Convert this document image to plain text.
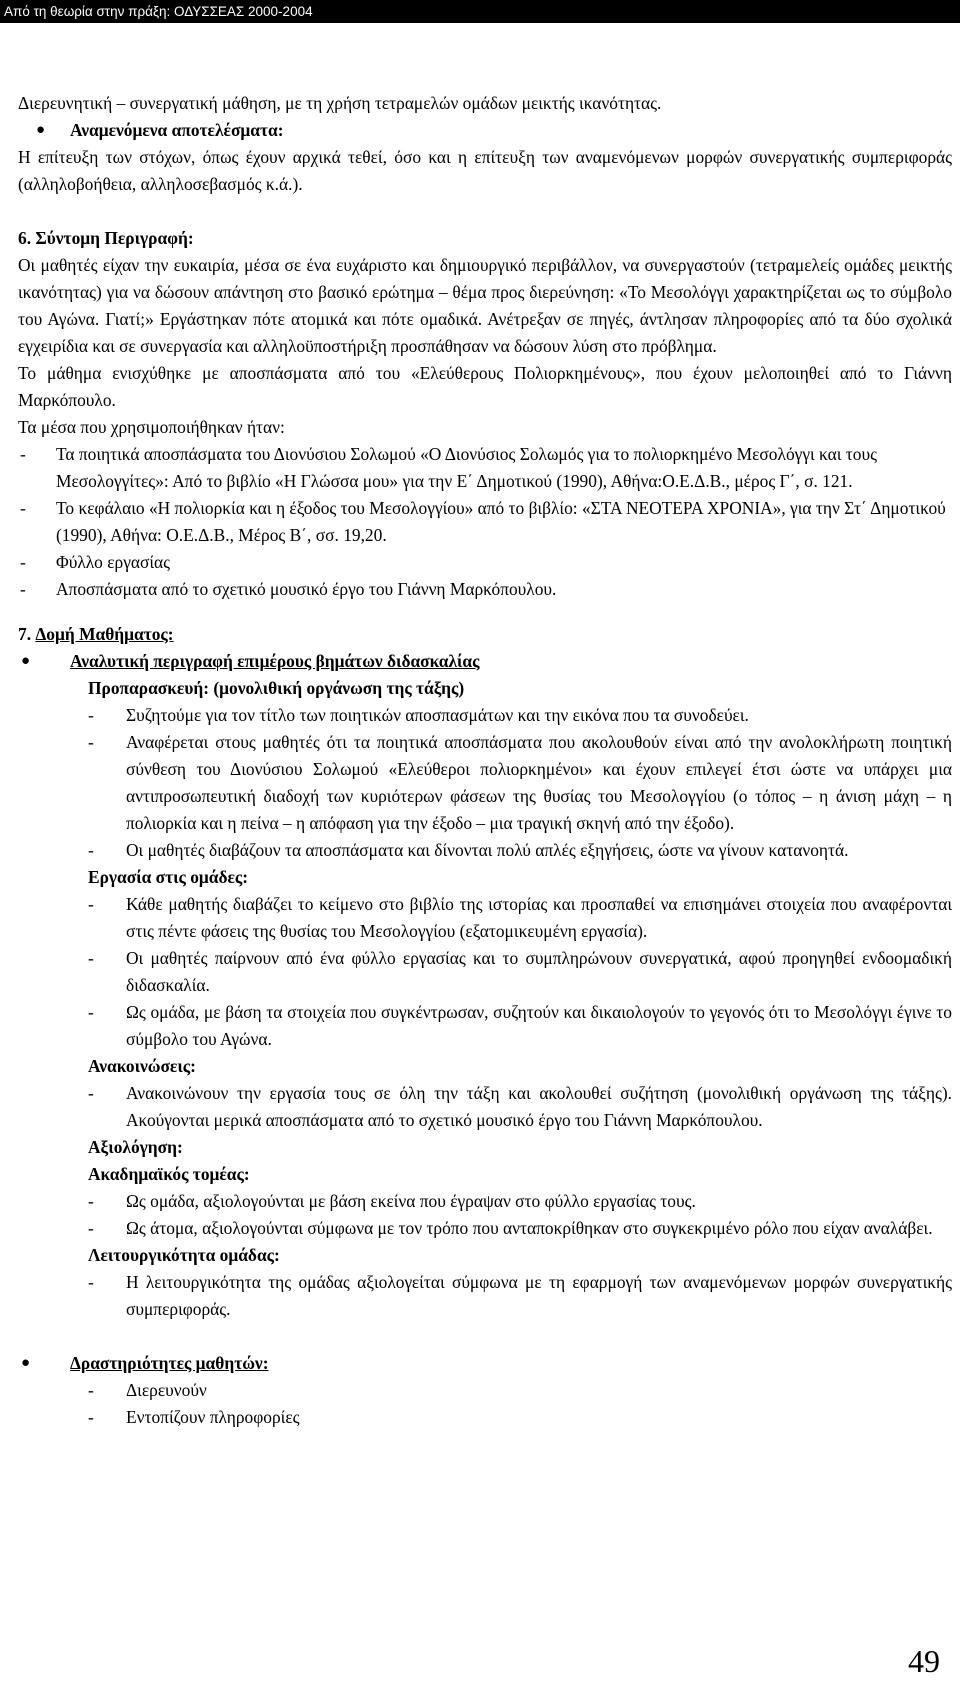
Από τη θεωρία στην πράξη: ΟΔΥΣΣΕΑΣ 2000-2004

Διερευνητική – συνεργατική μάθηση, με τη χρήση τετραμελών ομάδων μεικτής ικανότητας.

● Αναμενόμενα αποτελέσματα:

Η επίτευξη των στόχων, όπως έχουν αρχικά τεθεί, όσο και η επίτευξη των αναμενόμενων μορφών συνεργατικής συμπεριφοράς (αλληλοβοήθεια, αλληλοσεβασμός κ.ά.).

6. Σύντομη Περιγραφή:

Οι μαθητές είχαν την ευκαιρία, μέσα σε ένα ευχάριστο και δημιουργικό περιβάλλον, να συνεργαστούν (τετραμελείς ομάδες μεικτής ικανότητας) για να δώσουν απάντηση στο βασικό ερώτημα – θέμα προς διερεύνηση: «Το Μεσολόγγι χαρακτηρίζεται ως το σύμβολο του Αγώνα. Γιατί;» Εργάστηκαν πότε ατομικά και πότε ομαδικά. Ανέτρεξαν σε πηγές, άντλησαν πληροφορίες από τα δύο σχολικά εγχειρίδια και σε συνεργασία και αλληλοϋποστήριξη προσπάθησαν να δώσουν λύση στο πρόβλημα.

Το μάθημα ενισχύθηκε με αποσπάσματα από του «Ελεύθερους Πολιορκημένους», που έχουν μελοποιηθεί από το Γιάννη Μαρκόπουλο.

Τα μέσα που χρησιμοποιήθηκαν ήταν:

- Τα ποιητικά αποσπάσματα του Διονύσιου Σολωμού «Ο Διονύσιος Σολωμός για το πολιορκημένο Μεσολόγγι και τους Μεσολογγίτες»: Από το βιβλίο «Η Γλώσσα μου» για την Ε΄ Δημοτικού (1990), Αθήνα:Ο.Ε.Δ.Β., μέρος Γ΄, σ. 121.
- Το κεφάλαιο «Η πολιορκία και η έξοδος του Μεσολογγίου» από το βιβλίο: «ΣΤΑ ΝΕΟΤΕΡΑ ΧΡΟΝΙΑ», για την Στ΄ Δημοτικού (1990), Αθήνα: Ο.Ε.Δ.Β., Μέρος Β΄, σσ. 19,20.
- Φύλλο εργασίας
- Αποσπάσματα από το σχετικό μουσικό έργο του Γιάννη Μαρκόπουλου.

7. Δομή Μαθήματος:

● Αναλυτική περιγραφή επιμέρους βημάτων διδασκαλίας

Προπαρασκευή: (μονολιθική οργάνωση της τάξης)

- Συζητούμε για τον τίτλο των ποιητικών αποσπασμάτων και την εικόνα που τα συνοδεύει.
- Αναφέρεται στους μαθητές ότι τα ποιητικά αποσπάσματα που ακολουθούν είναι από την ανολοκλήρωτη ποιητική σύνθεση του Διονύσιου Σολωμού «Ελεύθεροι πολιορκημένοι» και έχουν επιλεγεί έτσι ώστε να υπάρχει μια αντιπροσωπευτική διαδοχή των κυριότερων φάσεων της θυσίας του Μεσολογγίου (ο τόπος – η άνιση μάχη – η πολιορκία και η πείνα – η απόφαση για την έξοδο – μια τραγική σκηνή από την έξοδο).
- Οι μαθητές διαβάζουν τα αποσπάσματα και δίνονται πολύ απλές εξηγήσεις, ώστε να γίνουν κατανοητά.

Εργασία στις ομάδες:

- Κάθε μαθητής διαβάζει το κείμενο στο βιβλίο της ιστορίας και προσπαθεί να επισημάνει στοιχεία που αναφέρονται στις πέντε φάσεις της θυσίας του Μεσολογγίου (εξατομικευμένη εργασία).
- Οι μαθητές παίρνουν από ένα φύλλο εργασίας και το συμπληρώνουν συνεργατικά, αφού προηγηθεί ενδοομαδική διδασκαλία.
- Ως ομάδα, με βάση τα στοιχεία που συγκέντρωσαν, συζητούν και δικαιολογούν το γεγονός ότι το Μεσολόγγι έγινε το σύμβολο του Αγώνα.

Ανακοινώσεις:

- Ανακοινώνουν την εργασία τους σε όλη την τάξη και ακολουθεί συζήτηση (μονολιθική οργάνωση της τάξης). Ακούγονται μερικά αποσπάσματα από το σχετικό μουσικό έργο του Γιάννη Μαρκόπουλου.

Αξιολόγηση:

Ακαδημαϊκός τομέας:

- Ως ομάδα, αξιολογούνται με βάση εκείνα που έγραψαν στο φύλλο εργασίας τους.
- Ως άτομα, αξιολογούνται σύμφωνα με τον τρόπο που ανταποκρίθηκαν στο συγκεκριμένο ρόλο που είχαν αναλάβει.

Λειτουργικότητα ομάδας:

- Η λειτουργικότητα της ομάδας αξιολογείται σύμφωνα με τη εφαρμογή των αναμενόμενων μορφών συνεργατικής συμπεριφοράς.
● Δραστηριότητες μαθητών:
- Διερευνούν
- Εντοπίζουν πληροφορίες
49
